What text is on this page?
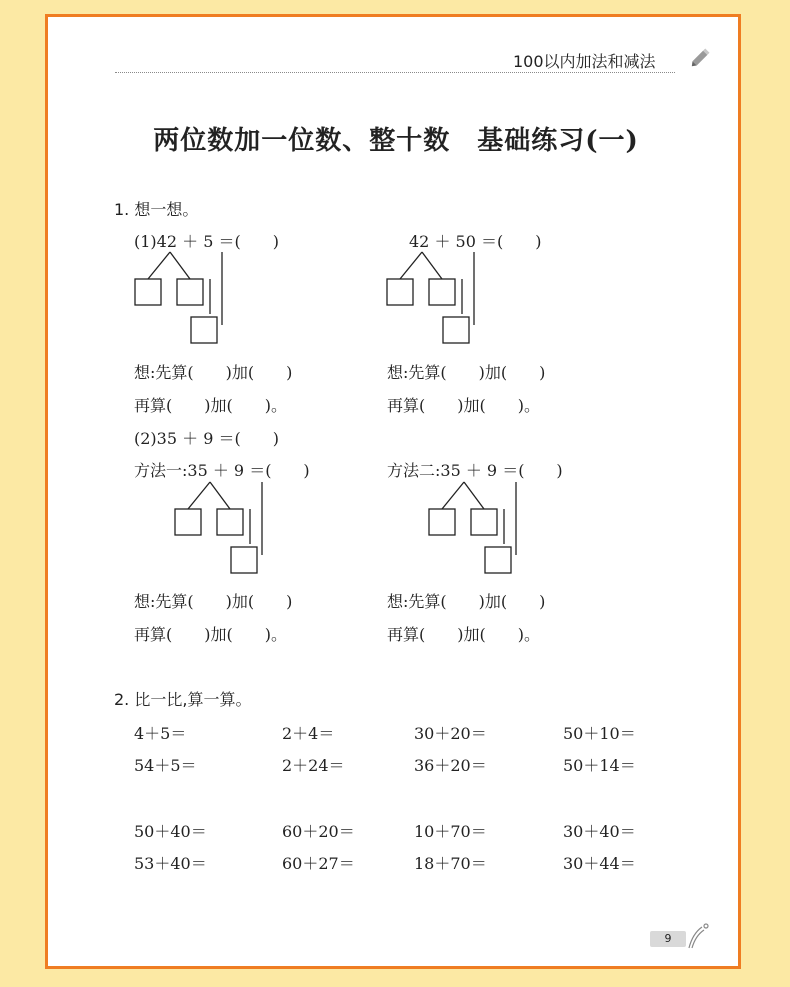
100以内加法和减法
两位数加一位数、整十数　基础练习(一)
1. 想一想。
(1)42 ＋ 5 ＝(　　)	42 ＋ 50 ＝(　　)
想:先算(　　)加(　　)	想:先算(　　)加(　　)
再算(　　)加(　　)。	再算(　　)加(　　)。
(2)35 ＋ 9 ＝(　　)
方法一:35 ＋ 9 ＝(　　)	方法二:35 ＋ 9 ＝(　　)
想:先算(　　)加(　　)	想:先算(　　)加(　　)
再算(　　)加(　　)。	再算(　　)加(　　)。
2. 比一比,算一算。
4＋5＝	2＋4＝	30＋20＝	50＋10＝
54＋5＝	2＋24＝	36＋20＝	50＋14＝
50＋40＝	60＋20＝	10＋70＝	30＋40＝
53＋40＝	60＋27＝	18＋70＝	30＋44＝
9
